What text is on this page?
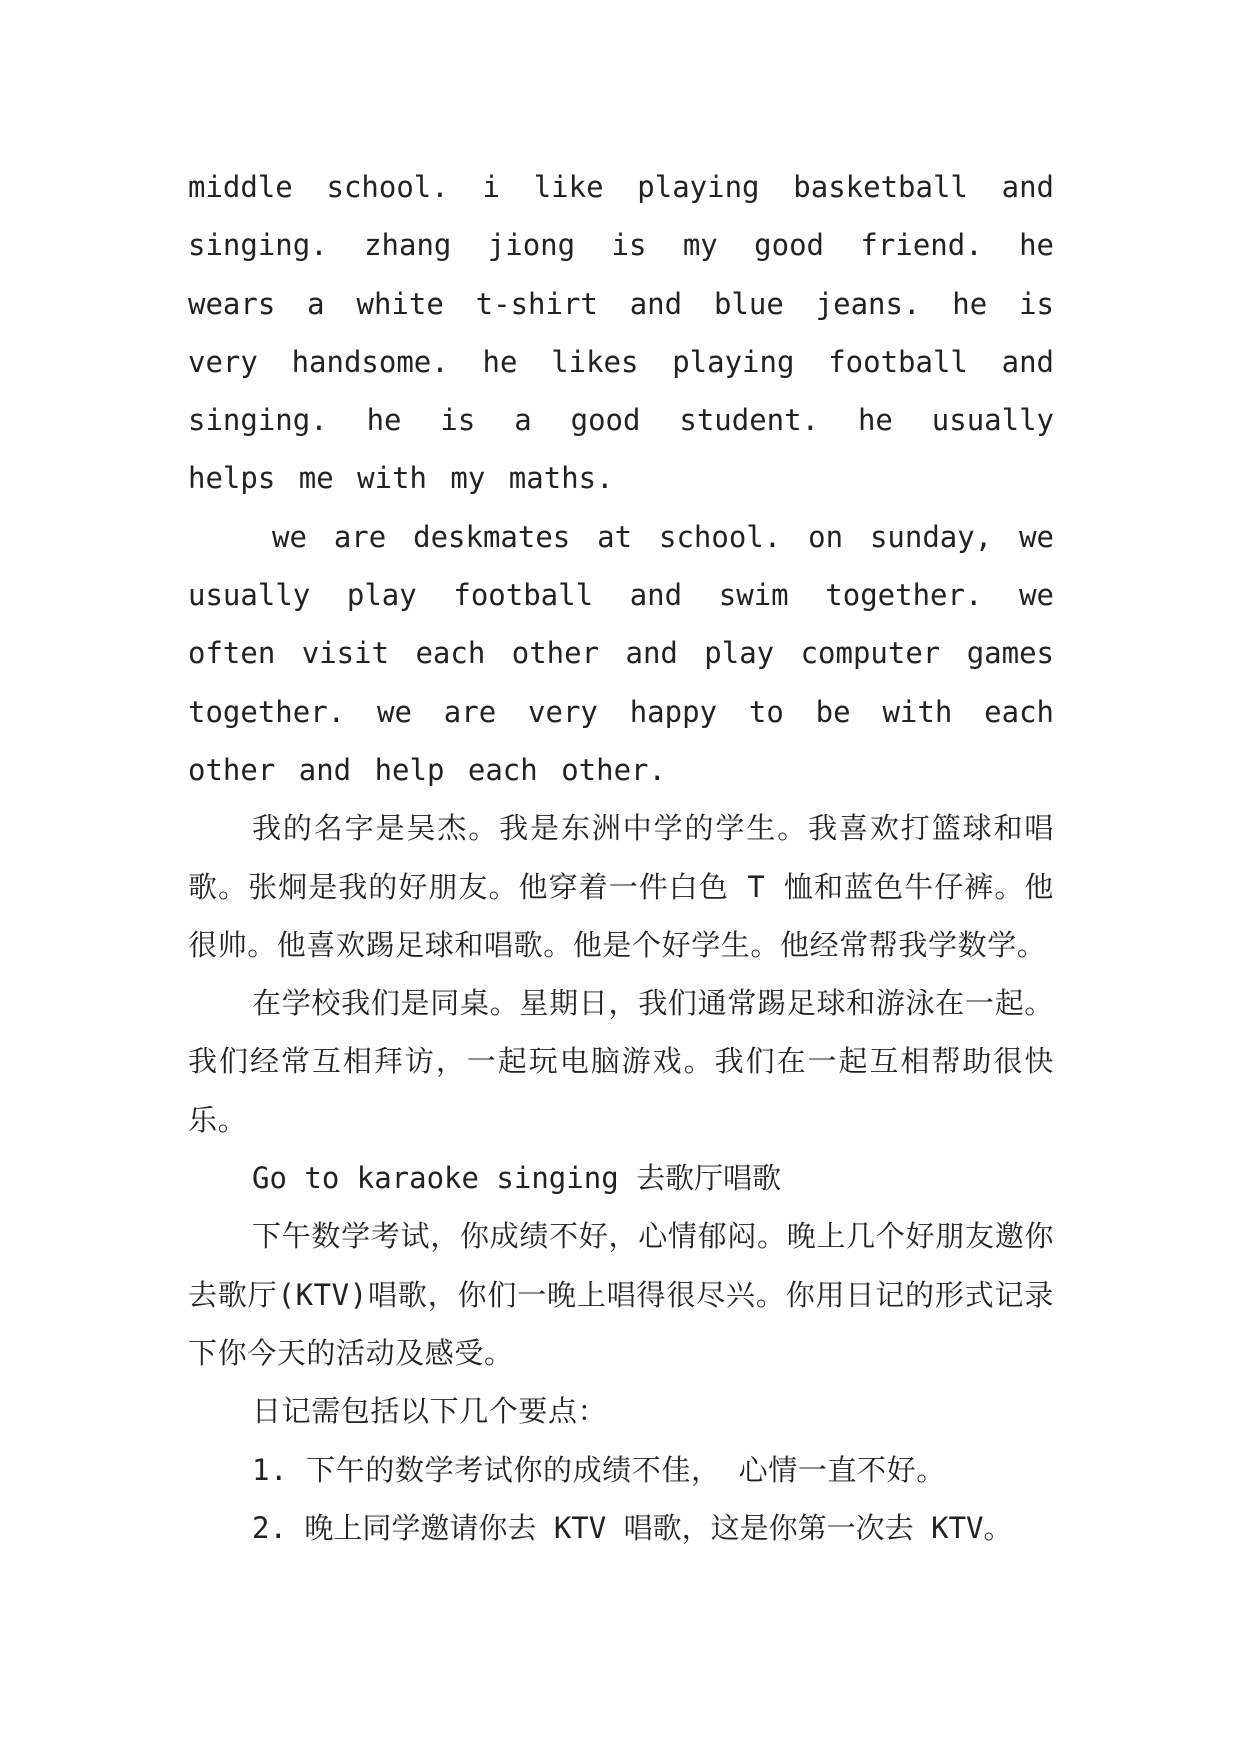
middle school. i like playing basketball and singing. zhang jiong is my good friend. he wears a white t-shirt and blue jeans. he is very handsome. he likes playing football and singing. he is a good student. he usually helps me with my maths.

we are deskmates at school. on sunday, we usually play football and swim together. we often visit each other and play computer games together. we are very happy to be with each other and help each other.

我的名字是吴杰。我是东洲中学的学生。我喜欢打篮球和唱歌。张炯是我的好朋友。他穿着一件白色 T 恤和蓝色牛仔裤。他很帅。他喜欢踢足球和唱歌。他是个好学生。他经常帮我学数学。

在学校我们是同桌。星期日，我们通常踢足球和游泳在一起。我们经常互相拜访，一起玩电脑游戏。我们在一起互相帮助很快乐。

Go to karaoke singing 去歌厅唱歌

下午数学考试，你成绩不好，心情郁闷。晚上几个好朋友邀你去歌厅(KTV)唱歌，你们一晚上唱得很尽兴。你用日记的形式记录下你今天的活动及感受。

日记需包括以下几个要点：

1. 下午的数学考试你的成绩不佳， 心情一直不好。

2. 晚上同学邀请你去 KTV 唱歌，这是你第一次去 KTV。
